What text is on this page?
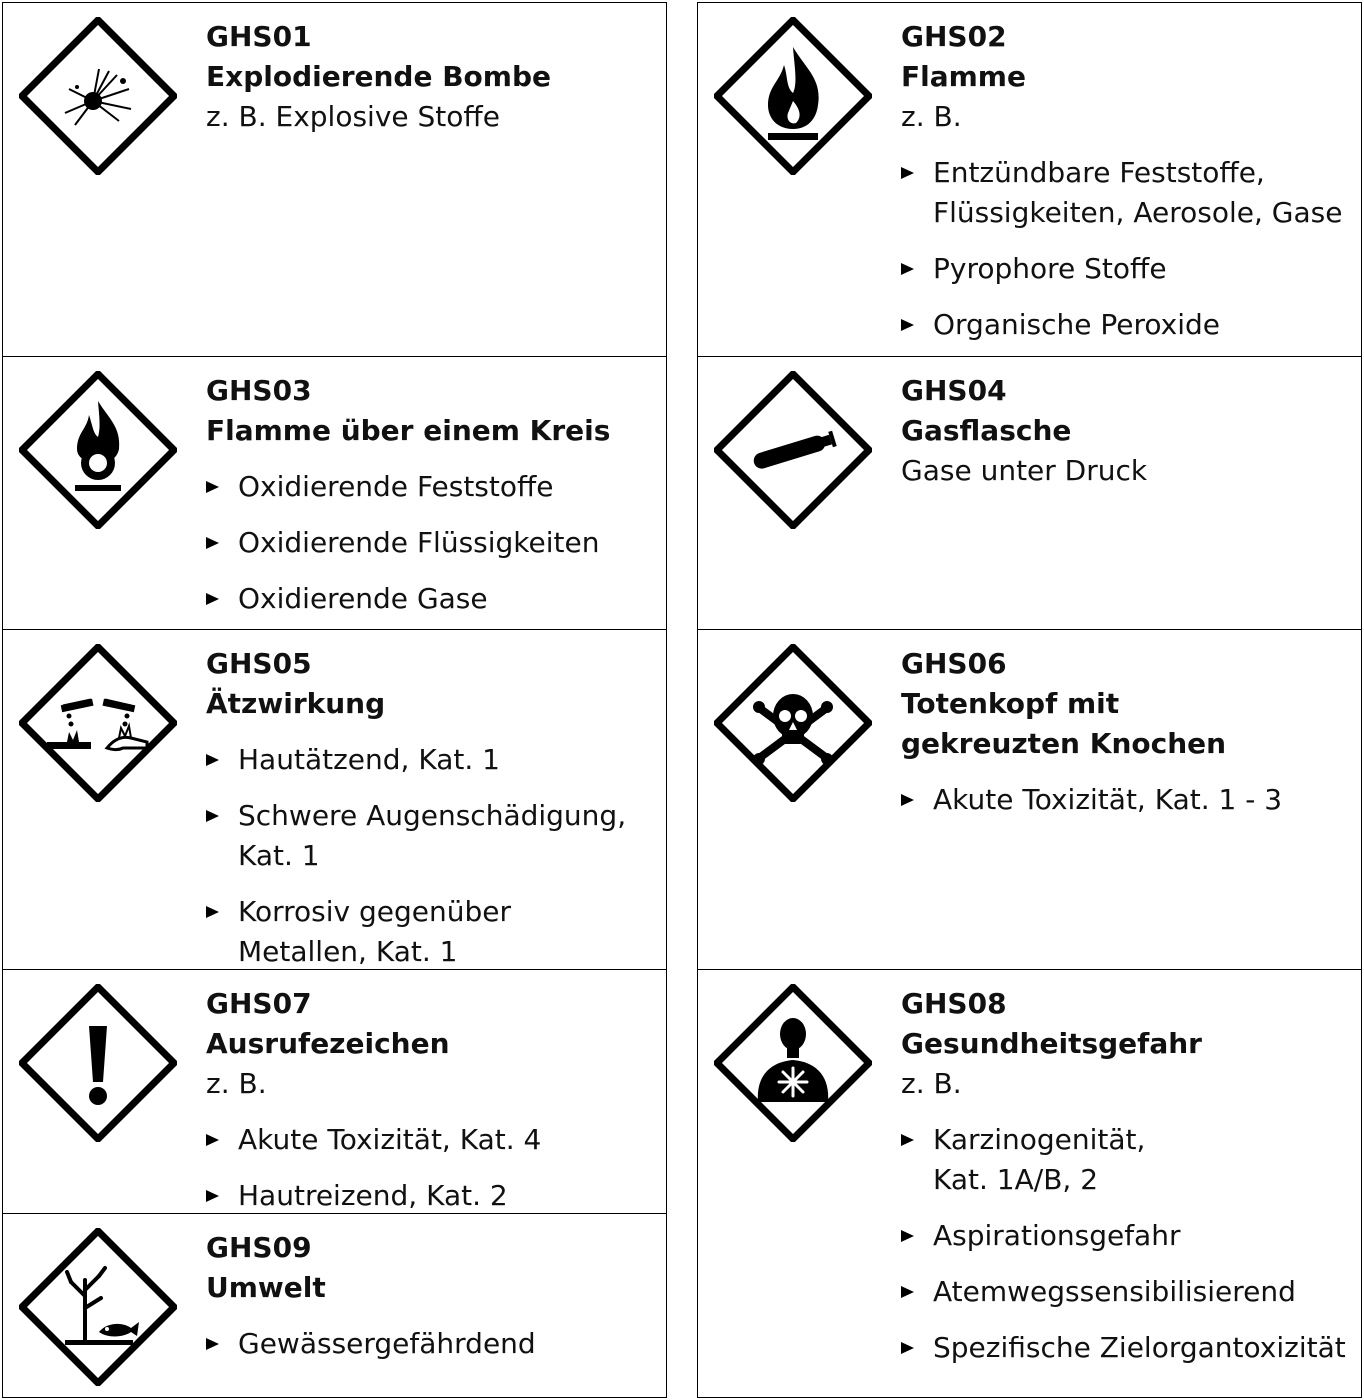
GHS01

Explodierende Bombe

z. B. Explosive Stoffe

GHS02

Flamme

z. B.

Entzündbare Feststoffe, Flüssigkeiten, Aerosole, Gase
Pyrophore Stoffe
Organische Peroxide

GHS03

Flamme über einem Kreis

Oxidierende Feststoffe
Oxidierende Flüssigkeiten
Oxidierende Gase

GHS04

Gasflasche

Gase unter Druck

GHS05

Ätzwirkung

Hautätzend, Kat. 1
Schwere Augenschädigung, Kat. 1
Korrosiv gegenüber Metallen, Kat. 1

GHS06

Totenkopf mit gekreuzten Knochen

Akute Toxizität, Kat. 1 - 3

GHS07

Ausrufezeichen

z. B.

Akute Toxizität, Kat. 4
Hautreizend, Kat. 2

GHS08

Gesundheitsgefahr

z. B.

Karzinogenität, Kat. 1A/B, 2
Aspirationsgefahr
Atemwegssensibilisierend
Spezifische Zielorgantoxizität

GHS09

Umwelt

Gewässergefährdend
